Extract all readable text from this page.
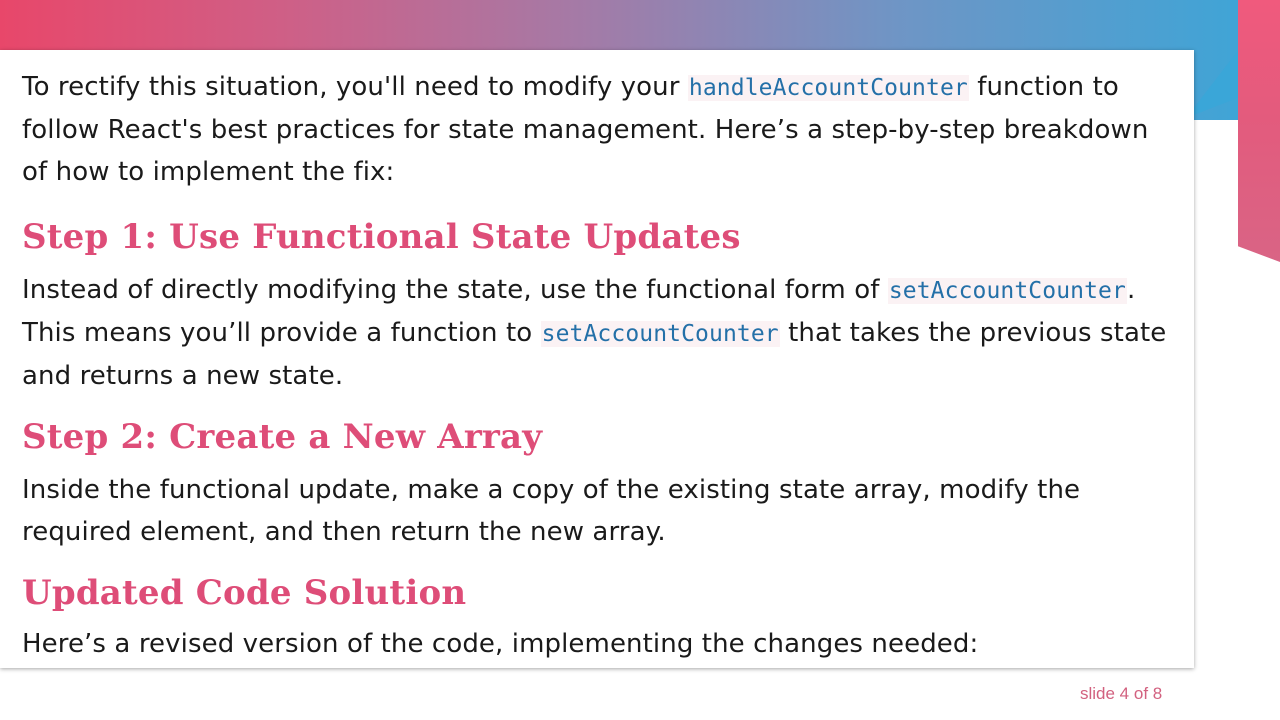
To rectify this situation, you'll need to modify your handleAccountCounter function to follow React's best practices for state management. Here’s a step-by-step breakdown of how to implement the fix:

Step 1: Use Functional State Updates

Instead of directly modifying the state, use the functional form of setAccountCounter. This means you’ll provide a function to setAccountCounter that takes the previous state and returns a new state.

Step 2: Create a New Array

Inside the functional update, make a copy of the existing state array, modify the required element, and then return the new array.

Updated Code Solution

Here’s a revised version of the code, implementing the changes needed:

slide 4 of 8
